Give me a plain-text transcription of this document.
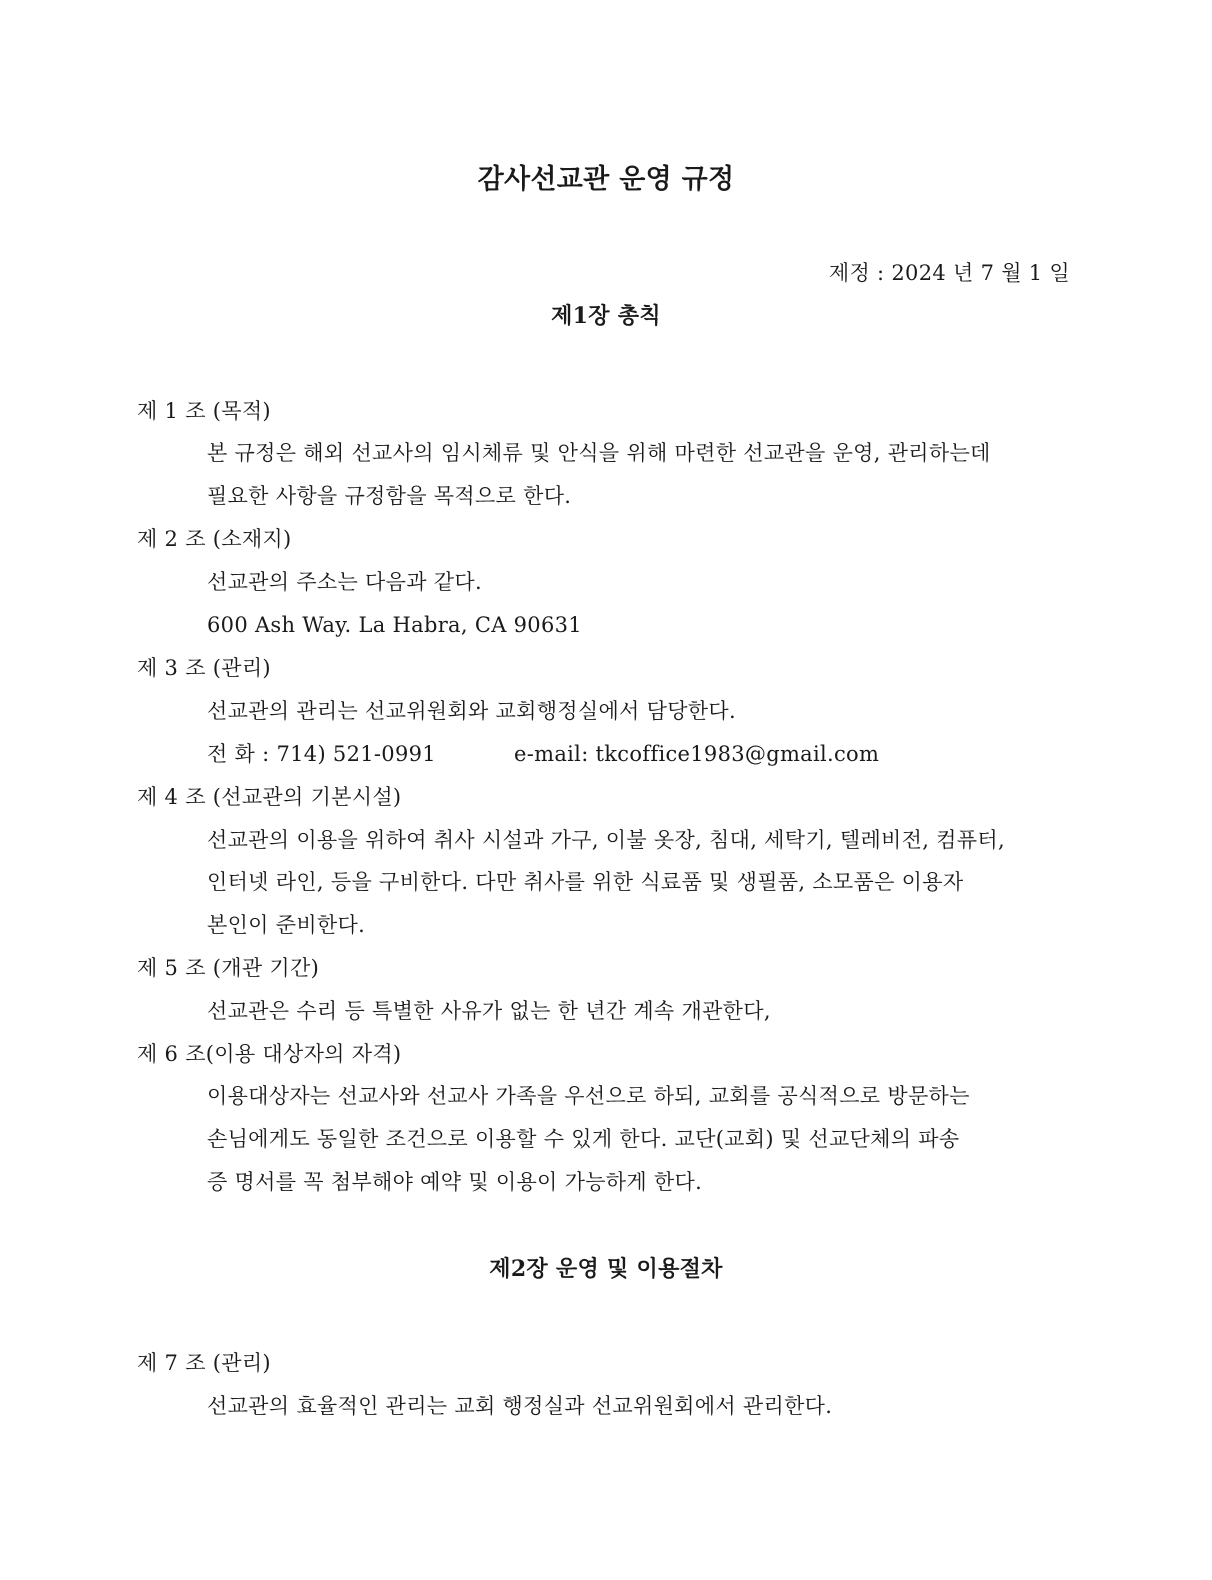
감사선교관 운영 규정
제정 : 2024 년 7 월 1 일
제1장 총칙
제 1 조 (목적)
본 규정은 해외 선교사의 임시체류 및 안식을 위해 마련한 선교관을 운영, 관리하는데
필요한 사항을 규정함을 목적으로 한다.
제 2 조 (소재지)
선교관의 주소는 다음과 같다.
600 Ash Way. La Habra, CA 90631
제 3 조 (관리)
선교관의 관리는 선교위원회와 교회행정실에서 담당한다.
전 화 : 714) 521-0991	e-mail: tkcoffice1983@gmail.com
제 4 조 (선교관의 기본시설)
선교관의 이용을 위하여 취사 시설과 가구, 이불 옷장, 침대, 세탁기, 텔레비전, 컴퓨터,
인터넷 라인, 등을 구비한다. 다만 취사를 위한 식료품 및 생필품, 소모품은 이용자
본인이 준비한다.
제 5 조 (개관 기간)
선교관은 수리 등 특별한 사유가 없는 한 년간 계속 개관한다,
제 6 조(이용 대상자의 자격)
이용대상자는 선교사와 선교사 가족을 우선으로 하되, 교회를 공식적으로 방문하는
손님에게도 동일한 조건으로 이용할 수 있게 한다. 교단(교회) 및 선교단체의 파송
증 명서를 꼭 첨부해야 예약 및 이용이 가능하게 한다.
제2장 운영 및 이용절차
제 7 조 (관리)
선교관의 효율적인 관리는 교회 행정실과 선교위원회에서 관리한다.
